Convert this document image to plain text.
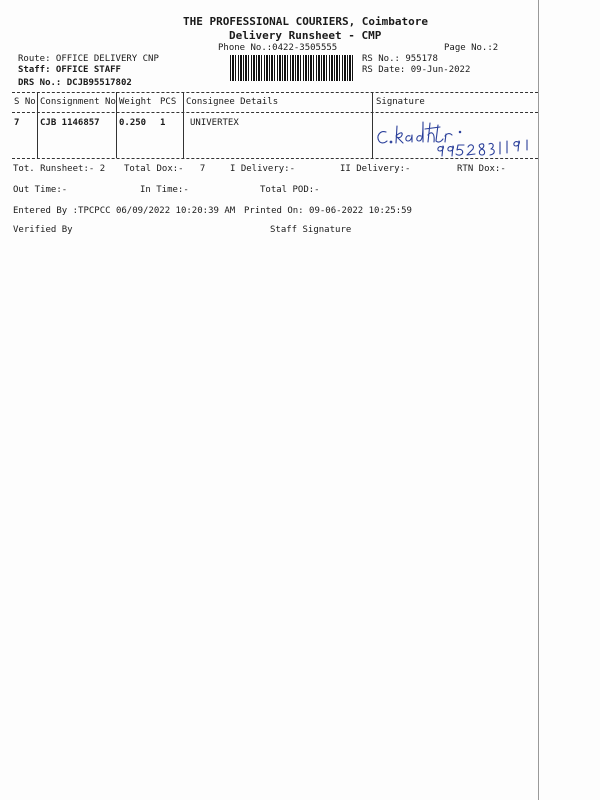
THE PROFESSIONAL COURIERS, Coimbatore
Delivery Runsheet - CMP
Phone No.:0422-3505555	Page No.:2
Route: OFFICE DELIVERY CNP
Staff: OFFICE STAFF
DRS No.: DCJB95517802
RS No.: 955178
RS Date: 09-Jun-2022
S No Consignment No Weight PCS Consignee Details	Signature
7 CJB 1146857 0.250 1	UNIVERTEX
Tot. Runsheet:- 2 Total Dox:-   7	I Delivery:-	II Delivery:-	RTN Dox:-
Out Time:-	In Time:-	Total POD:-
Entered By :TPCPCC 06/09/2022 10:20:39 AM Printed On: 09-06-2022 10:25:59
Verified By	Staff Signature
